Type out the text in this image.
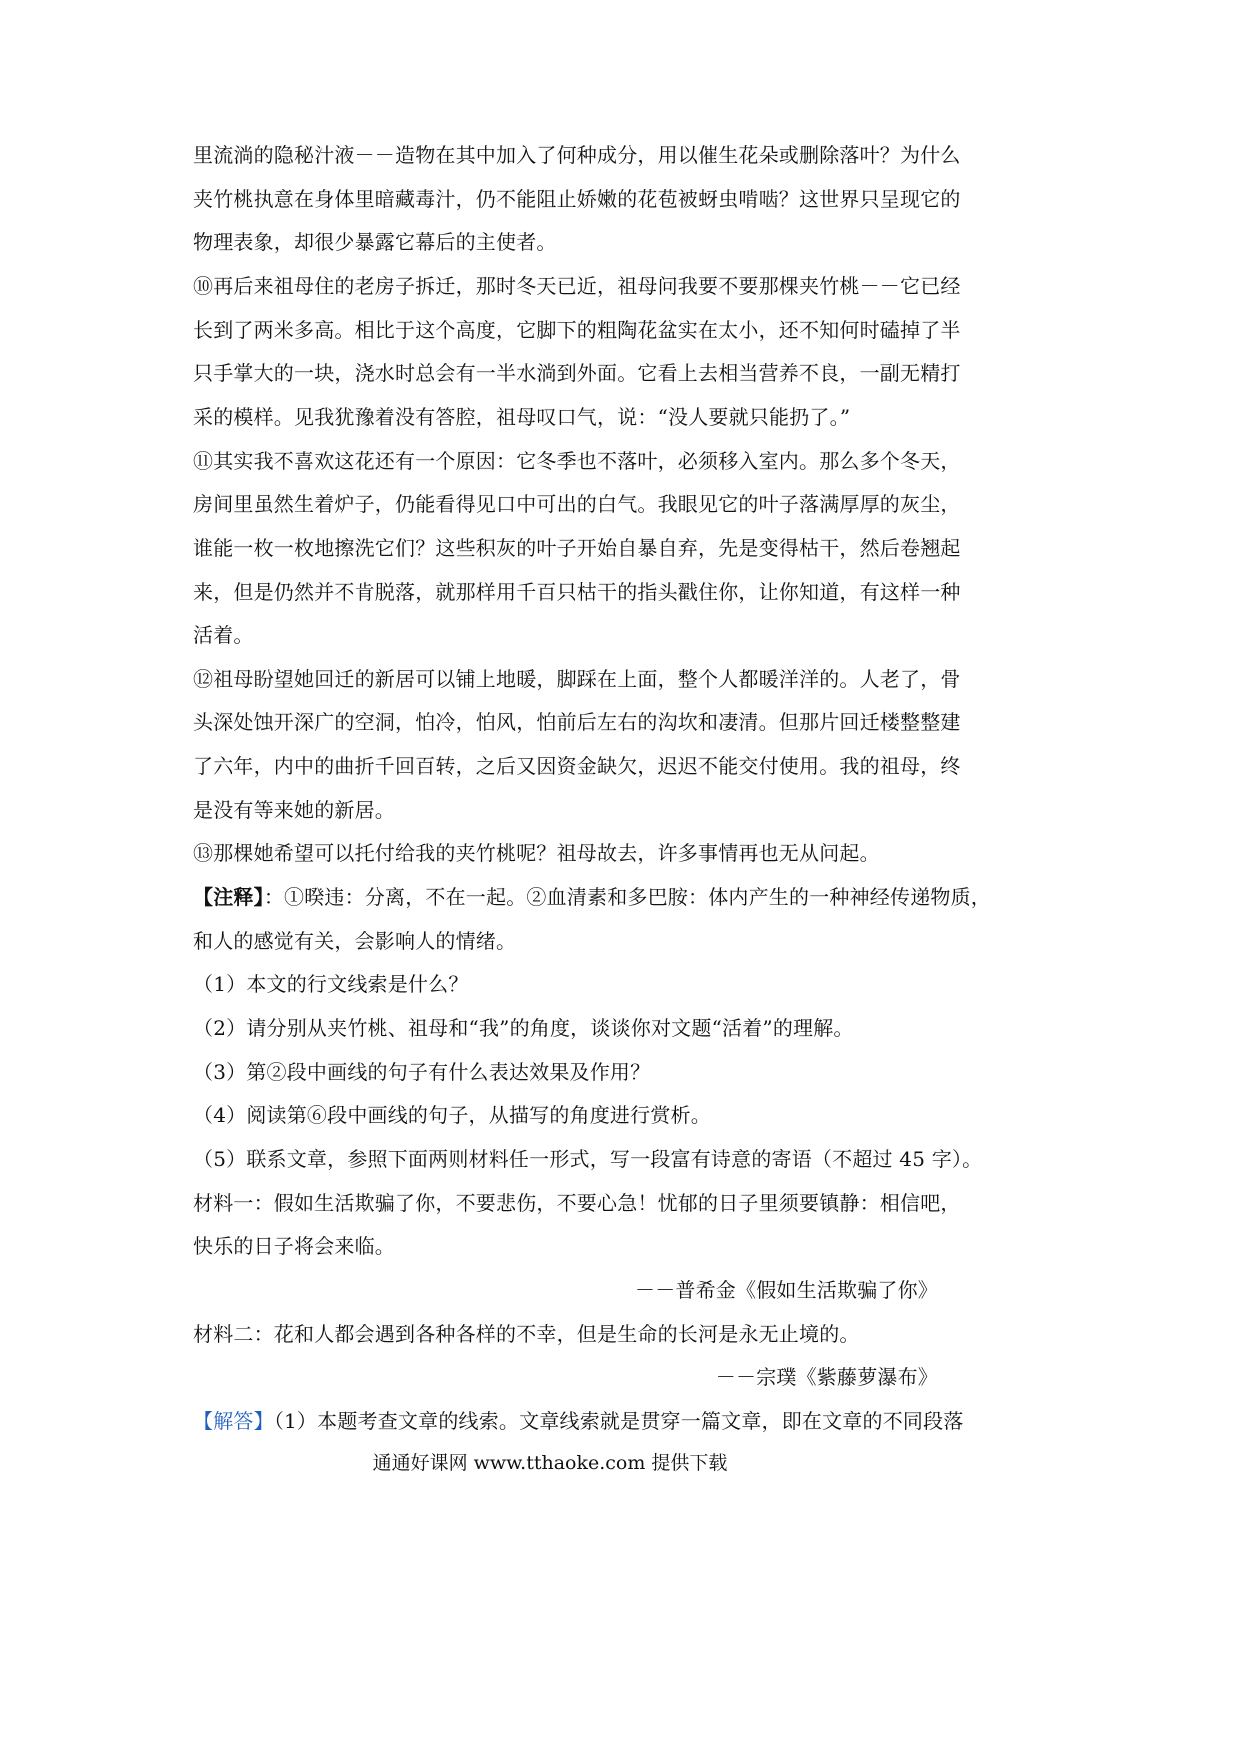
里流淌的隐秘汁液－－造物在其中加入了何种成分，用以催生花朵或删除落叶？为什么
夹竹桃执意在身体里暗藏毒汁，仍不能阻止娇嫩的花苞被蚜虫啃啮？这世界只呈现它的
物理表象，却很少暴露它幕后的主使者。
⑩再后来祖母住的老房子拆迁，那时冬天已近，祖母问我要不要那棵夹竹桃－－它已经
长到了两米多高。相比于这个高度，它脚下的粗陶花盆实在太小，还不知何时磕掉了半
只手掌大的一块，浇水时总会有一半水淌到外面。它看上去相当营养不良，一副无精打
采的模样。见我犹豫着没有答腔，祖母叹口气，说：“没人要就只能扔了。”
⑪其实我不喜欢这花还有一个原因：它冬季也不落叶，必须移入室内。那么多个冬天，
房间里虽然生着炉子，仍能看得见口中可出的白气。我眼见它的叶子落满厚厚的灰尘，
谁能一枚一枚地擦洗它们？这些积灰的叶子开始自暴自弃，先是变得枯干，然后卷翘起
来，但是仍然并不肯脱落，就那样用千百只枯干的指头戳住你，让你知道，有这样一种
活着。
⑫祖母盼望她回迁的新居可以铺上地暖，脚踩在上面，整个人都暖洋洋的。人老了，骨
头深处蚀开深广的空洞，怕冷，怕风，怕前后左右的沟坎和凄清。但那片回迁楼整整建
了六年，内中的曲折千回百转，之后又因资金缺欠，迟迟不能交付使用。我的祖母，终
是没有等来她的新居。
⑬那棵她希望可以托付给我的夹竹桃呢？祖母故去，许多事情再也无从问起。
【注释】：①暌违：分离，不在一起。②血清素和多巴胺：体内产生的一种神经传递物质，
和人的感觉有关，会影响人的情绪。
（1）本文的行文线索是什么？
（2）请分别从夹竹桃、祖母和“我”的角度，谈谈你对文题“活着”的理解。
（3）第②段中画线的句子有什么表达效果及作用？
（4）阅读第⑥段中画线的句子，从描写的角度进行赏析。
（5）联系文章，参照下面两则材料任一形式，写一段富有诗意的寄语（不超过 45 字）。
材料一：假如生活欺骗了你，不要悲伤，不要心急！忧郁的日子里须要镇静：相信吧，
快乐的日子将会来临。
－－普希金《假如生活欺骗了你》
材料二：花和人都会遇到各种各样的不幸，但是生命的长河是永无止境的。
－－宗璞《紫藤萝瀑布》
【解答】（1）本题考查文章的线索。文章线索就是贯穿一篇文章，即在文章的不同段落
通通好课网 www.tthaoke.com 提供下载
